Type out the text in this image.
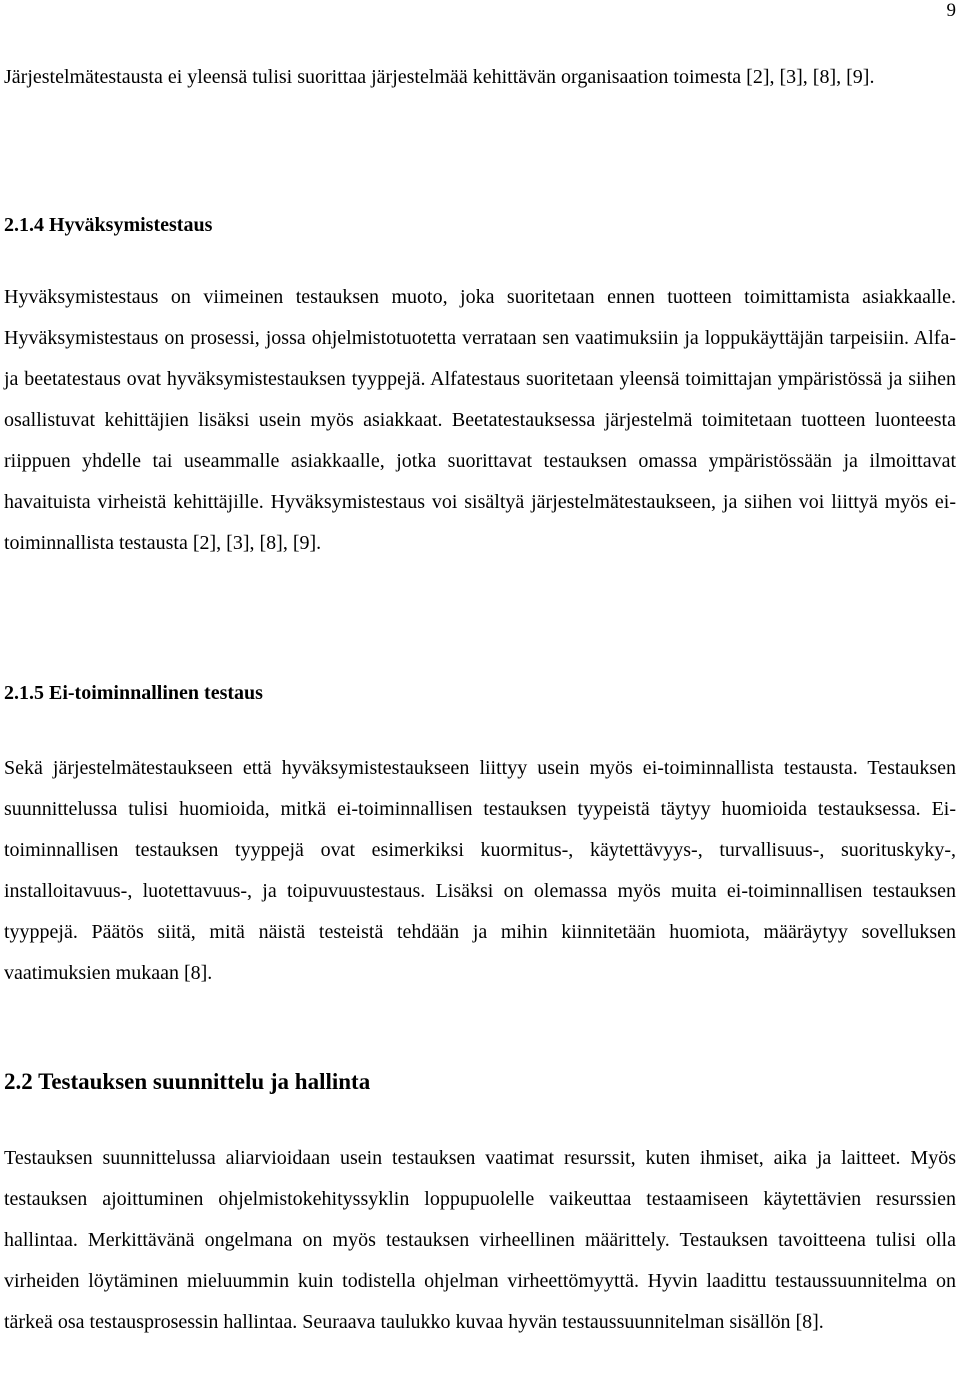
9

Järjestelmätestausta ei yleensä tulisi suorittaa järjestelmää kehittävän organisaation toimesta [2], [3], [8], [9].

2.1.4 Hyväksymistestaus

Hyväksymistestaus on viimeinen testauksen muoto, joka suoritetaan ennen tuotteen toimittamista asiakkaalle. Hyväksymistestaus on prosessi, jossa ohjelmistotuotetta verrataan sen vaatimuksiin ja loppukäyttäjän tarpeisiin. Alfa- ja beetatestaus ovat hyväksymistestauksen tyyppejä. Alfatestaus suoritetaan yleensä toimittajan ympäristössä ja siihen osallistuvat kehittäjien lisäksi usein myös asiakkaat. Beetatestauksessa järjestelmä toimitetaan tuotteen luonteesta riippuen yhdelle tai useammalle asiakkaalle, jotka suorittavat testauksen omassa ympäristössään ja ilmoittavat havaituista virheistä kehittäjille. Hyväksymistestaus voi sisältyä järjestelmätestaukseen, ja siihen voi liittyä myös ei-toiminnallista testausta [2], [3], [8], [9].

2.1.5 Ei-toiminnallinen testaus

Sekä järjestelmätestaukseen että hyväksymistestaukseen liittyy usein myös ei-toiminnallista testausta. Testauksen suunnittelussa tulisi huomioida, mitkä ei-toiminnallisen testauksen tyypeistä täytyy huomioida testauksessa. Ei-toiminnallisen testauksen tyyppejä ovat esimerkiksi kuormitus-, käytettävyys-, turvallisuus-, suorituskyky-, installoitavuus-, luotettavuus-, ja toipuvuustestaus. Lisäksi on olemassa myös muita ei-toiminnallisen testauksen tyyppejä. Päätös siitä, mitä näistä testeistä tehdään ja mihin kiinnitetään huomiota, määräytyy sovelluksen vaatimuksien mukaan [8].

2.2 Testauksen suunnittelu ja hallinta

Testauksen suunnittelussa aliarvioidaan usein testauksen vaatimat resurssit, kuten ihmiset, aika ja laitteet. Myös testauksen ajoittuminen ohjelmistokehityssyklin loppupuolelle vaikeuttaa testaamiseen käytettävien resurssien hallintaa. Merkittävänä ongelmana on myös testauksen virheellinen määrittely. Testauksen tavoitteena tulisi olla virheiden löytäminen mieluummin kuin todistella ohjelman virheettömyyttä. Hyvin laadittu testaussuunnitelma on tärkeä osa testausprosessin hallintaa. Seuraava taulukko kuvaa hyvän testaussuunnitelman sisällön [8].
